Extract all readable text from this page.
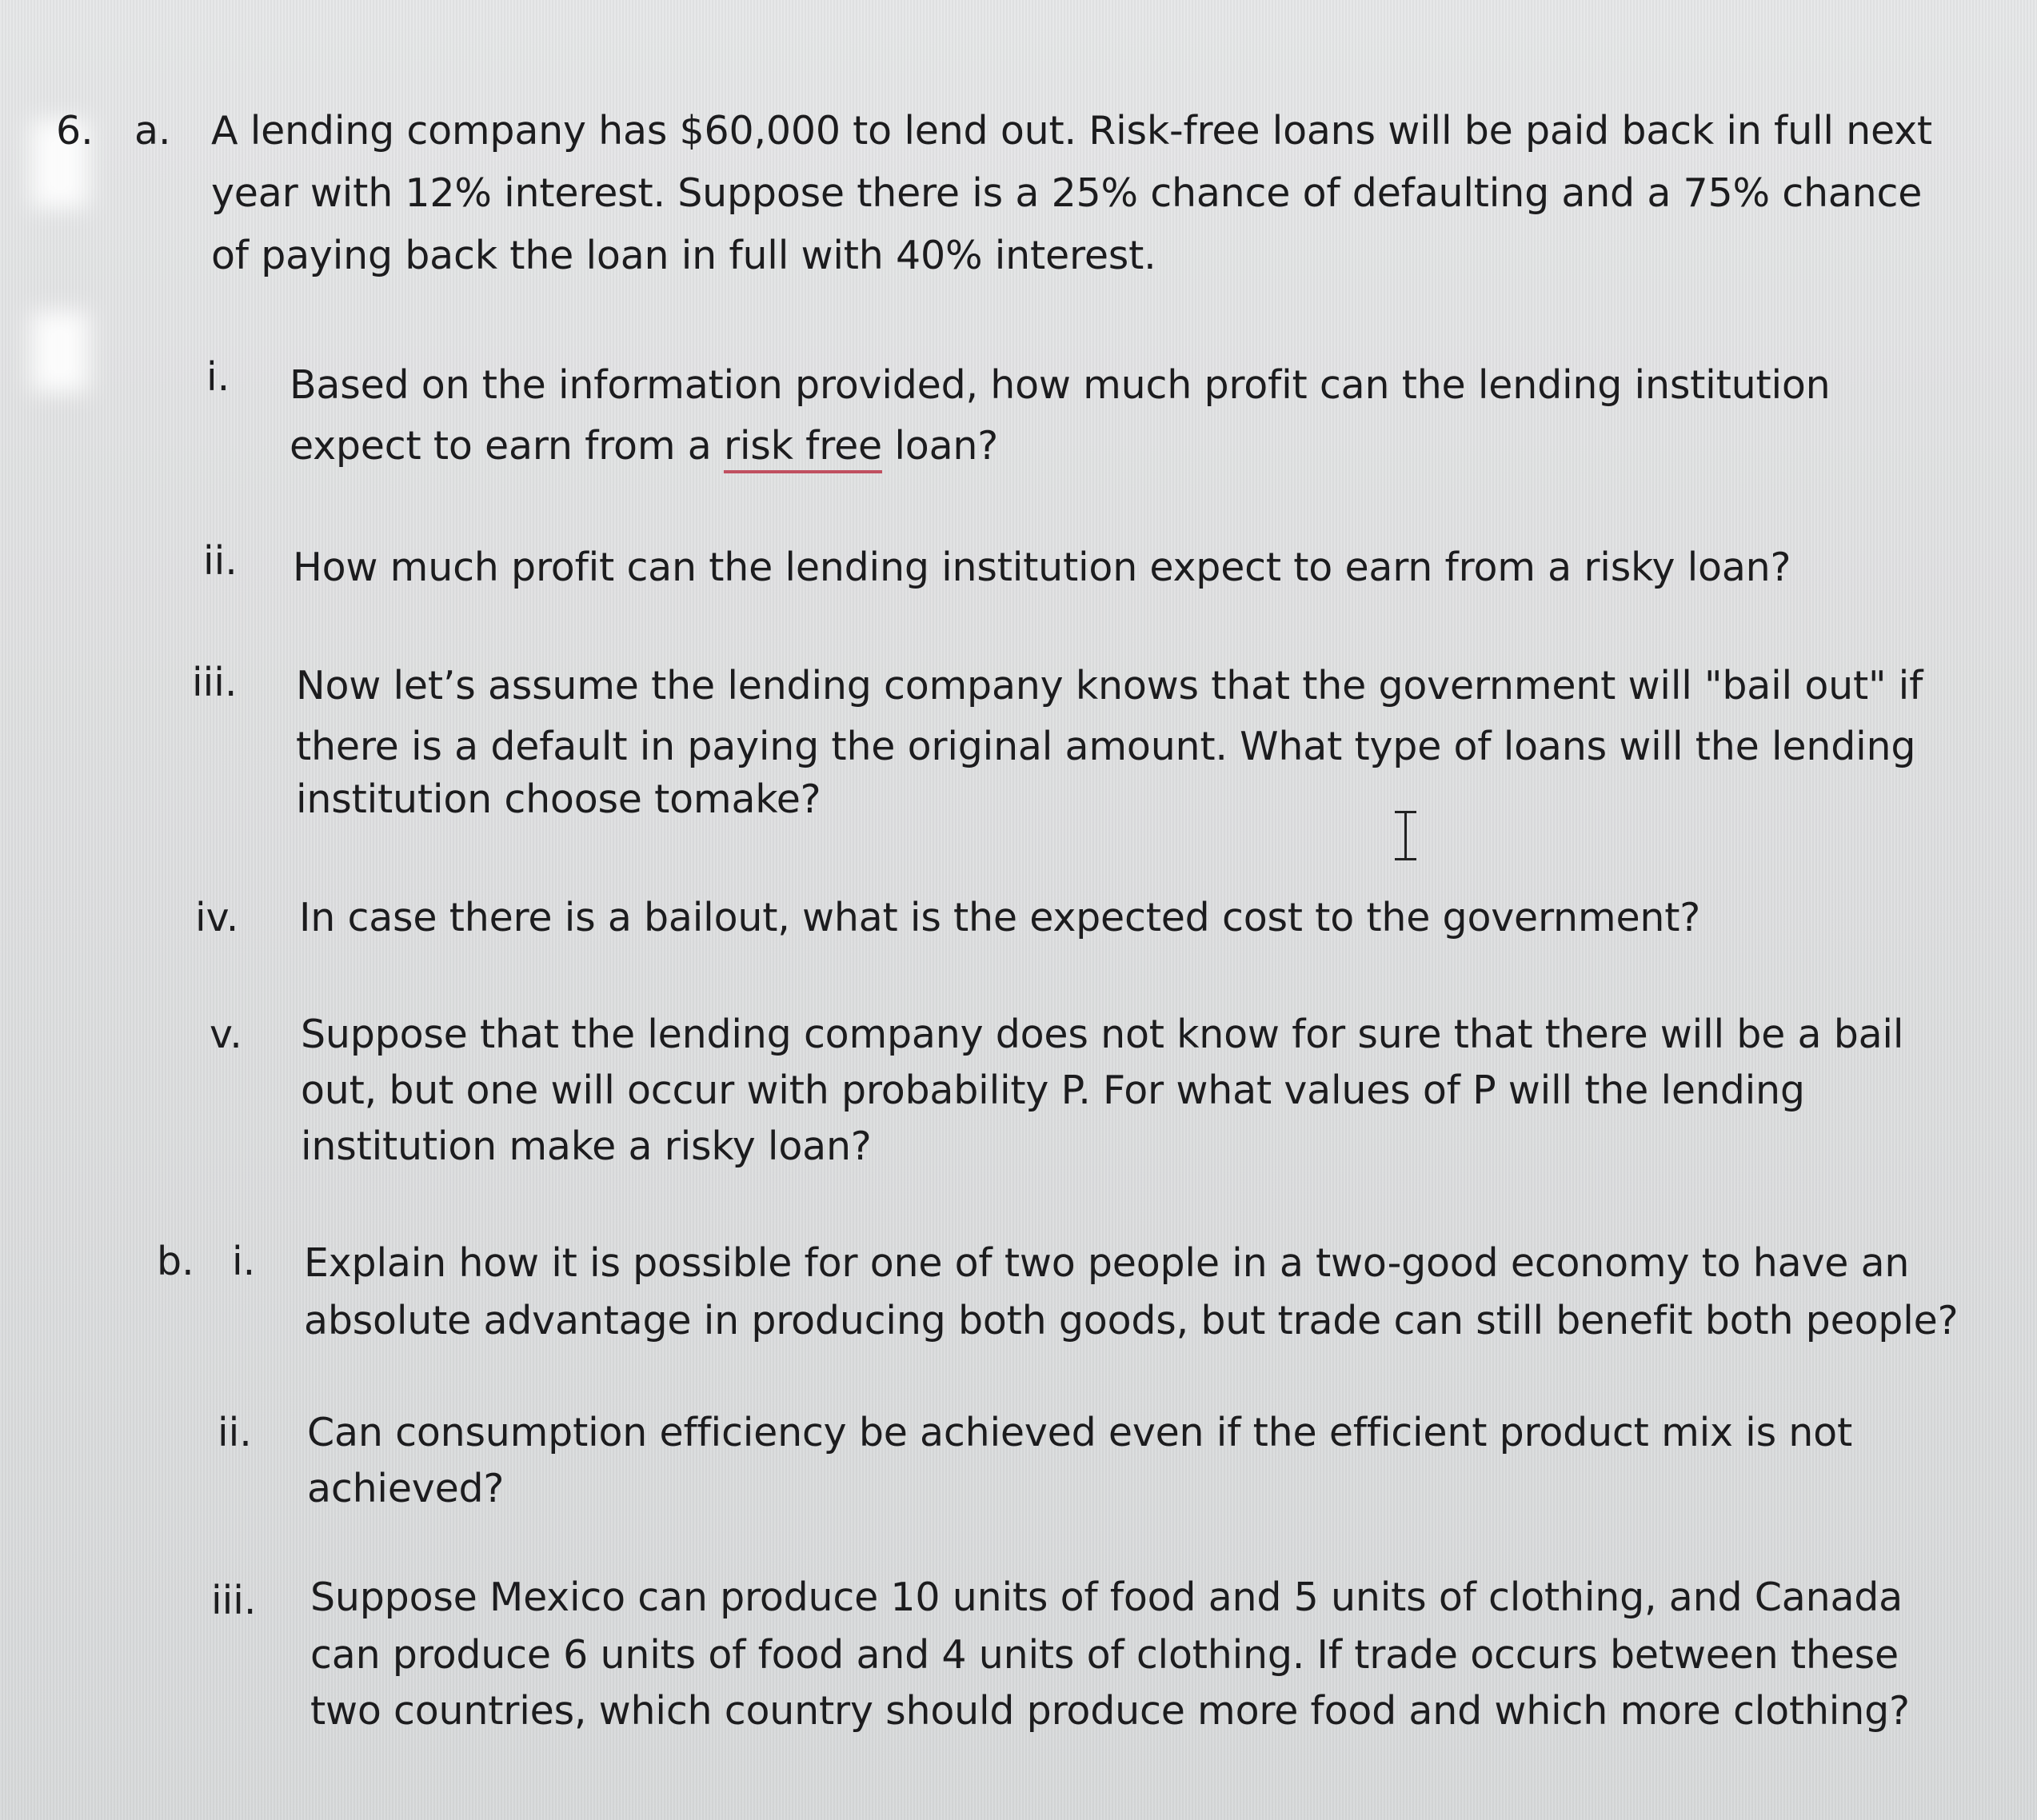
6. a. A lending company has $60,000 to lend out. Risk-free loans will be paid back in full next
year with 12% interest. Suppose there is a 25% chance of defaulting and a 75% chance
of paying back the loan in full with 40% interest.
i. Based on the information provided, how much profit can the lending institution
expect to earn from a risk free loan?
ii. How much profit can the lending institution expect to earn from a risky loan?
iii. Now let’s assume the lending company knows that the government will "bail out" if
there is a default in paying the original amount. What type of loans will the lending
institution choose tomake?
iv. In case there is a bailout, what is the expected cost to the government?
v. Suppose that the lending company does not know for sure that there will be a bail
out, but one will occur with probability P. For what values of P will the lending
institution make a risky loan?
b. i. Explain how it is possible for one of two people in a two-good economy to have an
absolute advantage in producing both goods, but trade can still benefit both people?
ii. Can consumption efficiency be achieved even if the efficient product mix is not
achieved?
iii. Suppose Mexico can produce 10 units of food and 5 units of clothing, and Canada
can produce 6 units of food and 4 units of clothing. If trade occurs between these
two countries, which country should produce more food and which more clothing?
